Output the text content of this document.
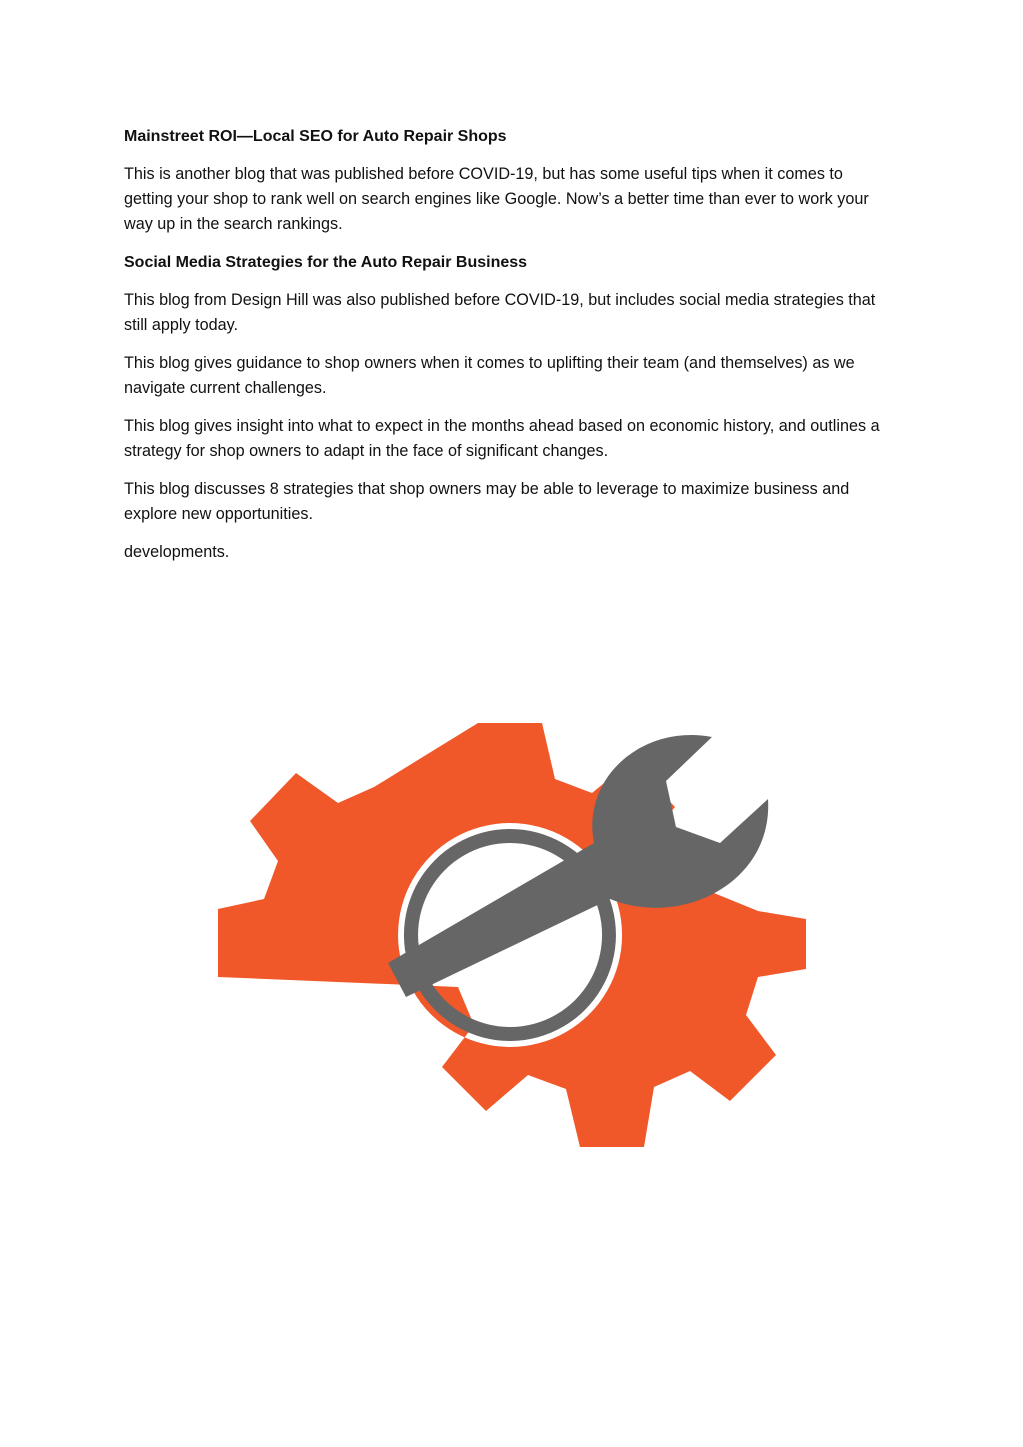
Mainstreet ROI—Local SEO for Auto Repair Shops

This is another blog that was published before COVID-19, but has some useful tips when it comes to getting your shop to rank well on search engines like Google. Now’s a better time than ever to work your way up in the search rankings.

Social Media Strategies for the Auto Repair Business

This blog from Design Hill was also published before COVID-19, but includes social media strategies that still apply today.

This blog gives guidance to shop owners when it comes to uplifting their team (and themselves) as we navigate current challenges.

This blog gives insight into what to expect in the months ahead based on economic history, and outlines a strategy for shop owners to adapt in the face of significant changes.

This blog discusses 8 strategies that shop owners may be able to leverage to maximize business and explore new opportunities.

developments.
